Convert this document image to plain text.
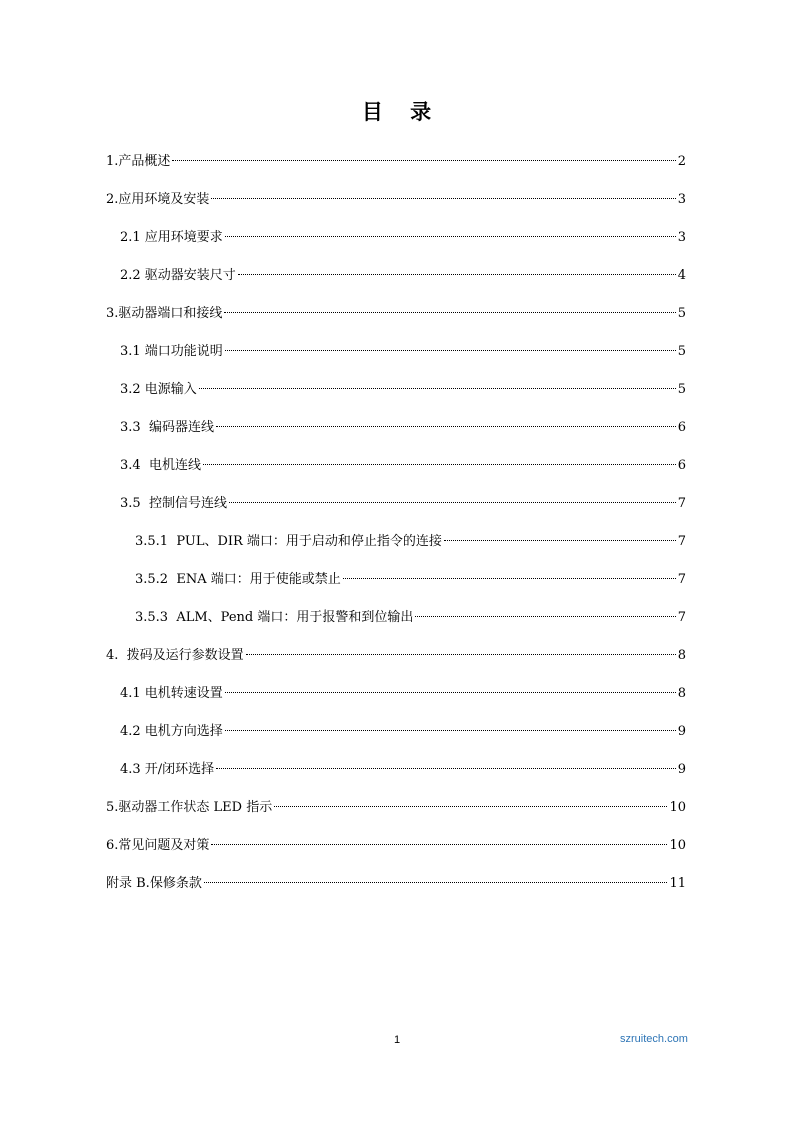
目 录
1.产品概述	2
2.应用环境及安装	3
2.1 应用环境要求	3
2.2 驱动器安装尺寸	4
3.驱动器端口和接线	5
3.1 端口功能说明	5
3.2 电源输入	5
3.3  编码器连线	6
3.4  电机连线	6
3.5  控制信号连线	7
3.5.1  PUL、DIR 端口：用于启动和停止指令的连接	7
3.5.2  ENA 端口：用于使能或禁止	7
3.5.3  ALM、Pend 端口：用于报警和到位输出	7
4.  拨码及运行参数设置	8
4.1 电机转速设置	8
4.2 电机方向选择	9
4.3 开/闭环选择	9
5.驱动器工作状态 LED 指示	10
6.常见问题及对策	10
附录 B.保修条款	11
1	szruitech.com
